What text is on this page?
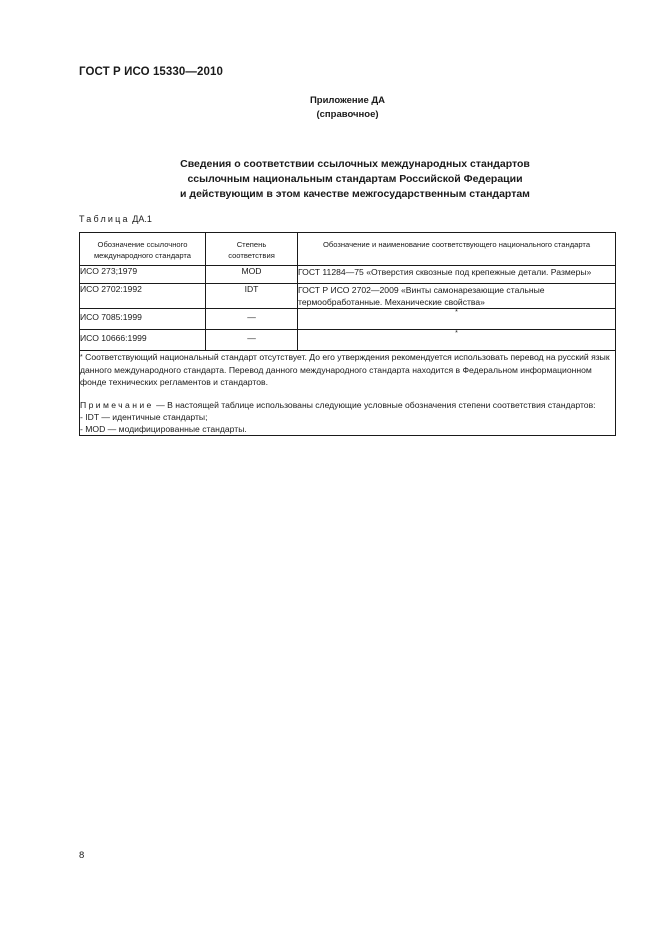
ГОСТ Р ИСО 15330—2010
Приложение ДА
(справочное)
Сведения о соответствии ссылочных международных стандартов
ссылочным национальным стандартам Российской Федерации
и действующим в этом качестве межгосударственным стандартам
Таблица ДА.1
Обозначение ссылочного международного стандарта	Степень соответствия	Обозначение и наименование соответствующего национального стандарта
ИСО 273;1979	MOD	ГОСТ 11284—75 «Отверстия сквозные под крепежные детали. Размеры»
ИСО 2702:1992	IDT	ГОСТ Р ИСО 2702—2009 «Винты самонарезающие стальные термообработанные. Механические свойства»
ИСО 7085:1999	—	*
ИСО 10666:1999	—	*

* Соответствующий национальный стандарт отсутствует. До его утверждения рекомендуется использовать перевод на русский язык данного международного стандарта. Перевод данного международного стандарта находится в Федеральном информационном фонде технических регламентов и стандартов.
Примечание — В настоящей таблице использованы следующие условные обозначения степени соответствия стандартов:
- IDT — идентичные стандарты;
- MOD — модифицированные стандарты.		
8
